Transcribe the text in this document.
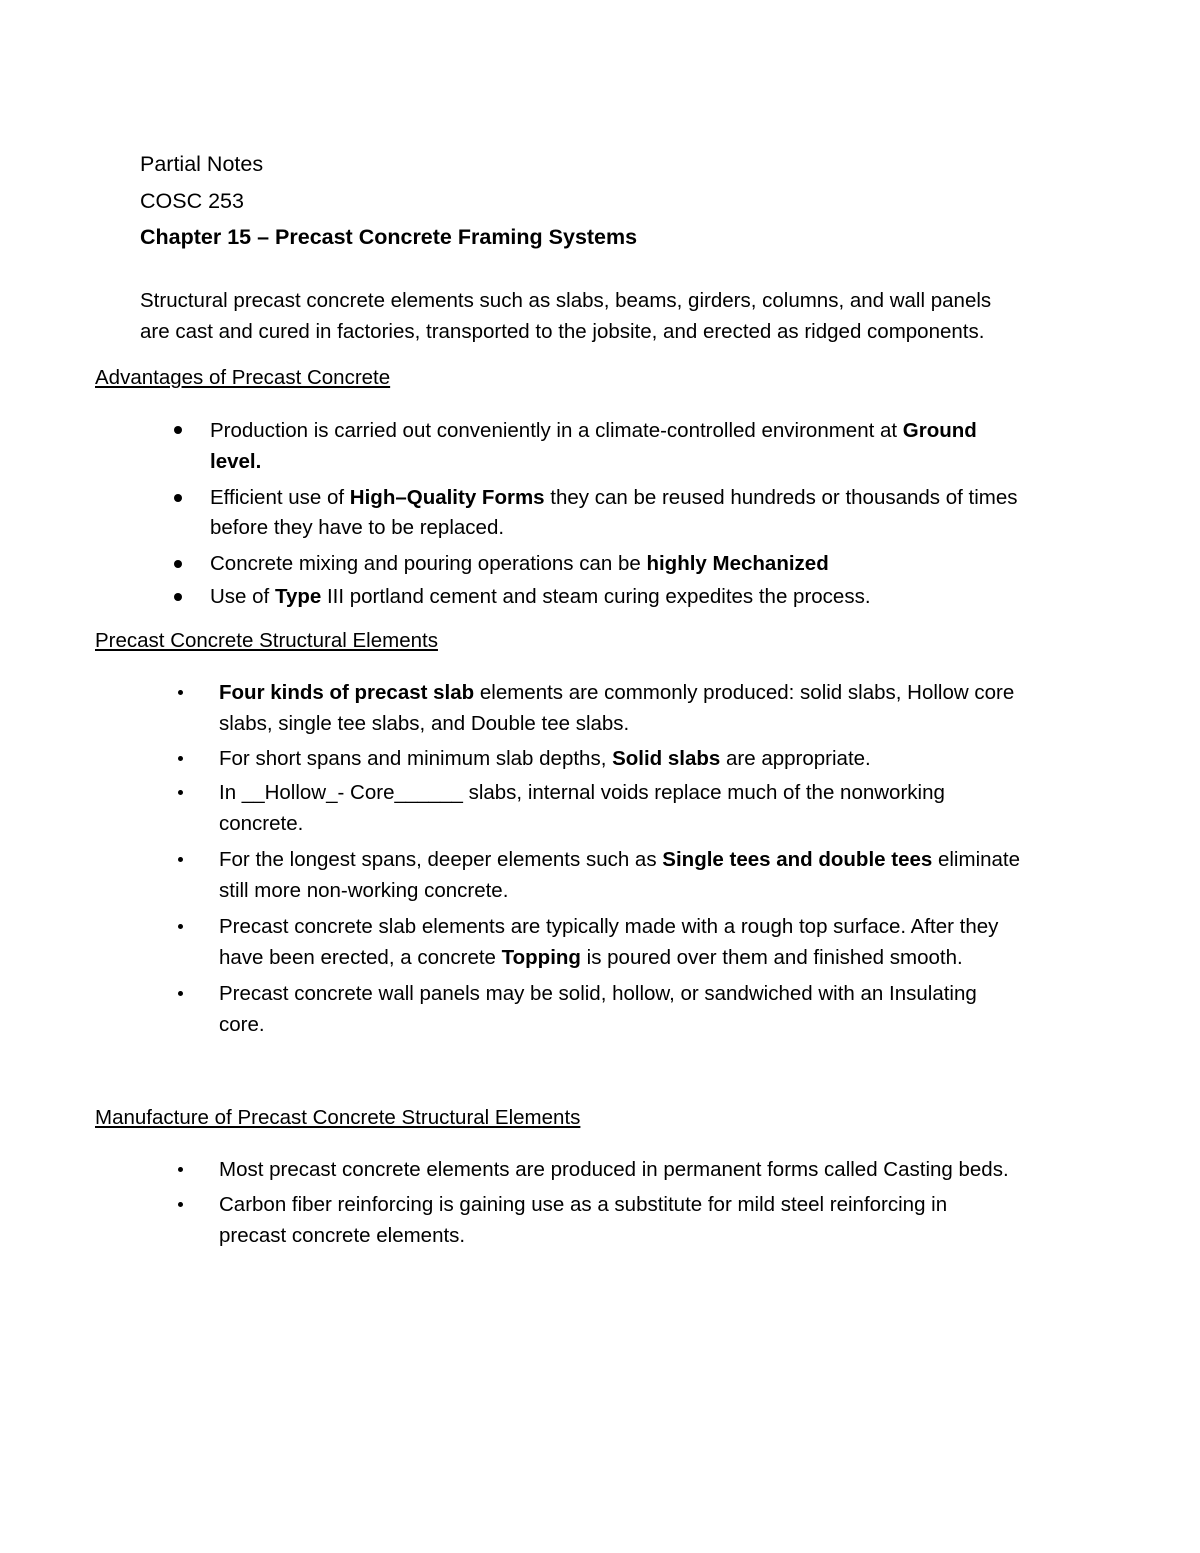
Partial Notes
COSC 253
Chapter 15 – Precast Concrete Framing Systems
Structural precast concrete elements such as slabs, beams, girders, columns, and wall panels
are cast and cured in factories, transported to the jobsite, and erected as ridged components.
Advantages of Precast Concrete
Production is carried out conveniently in a climate-controlled environment at Ground
level.
Efficient use of High–Quality Forms they can be reused hundreds or thousands of times
before they have to be replaced.
Concrete mixing and pouring operations can be highly Mechanized
Use of Type III portland cement and steam curing expedites the process.
Precast Concrete Structural Elements
Four kinds of precast slab elements are commonly produced: solid slabs, Hollow core
slabs, single tee slabs, and Double tee slabs.
For short spans and minimum slab depths, Solid slabs are appropriate.
In __Hollow_- Core______ slabs, internal voids replace much of the nonworking
concrete.
For the longest spans, deeper elements such as Single tees and double tees eliminate
still more non-working concrete.
Precast concrete slab elements are typically made with a rough top surface. After they
have been erected, a concrete Topping is poured over them and finished smooth.
Precast concrete wall panels may be solid, hollow, or sandwiched with an Insulating
core.
Manufacture of Precast Concrete Structural Elements
Most precast concrete elements are produced in permanent forms called Casting beds.
Carbon fiber reinforcing is gaining use as a substitute for mild steel reinforcing in
precast concrete elements.
